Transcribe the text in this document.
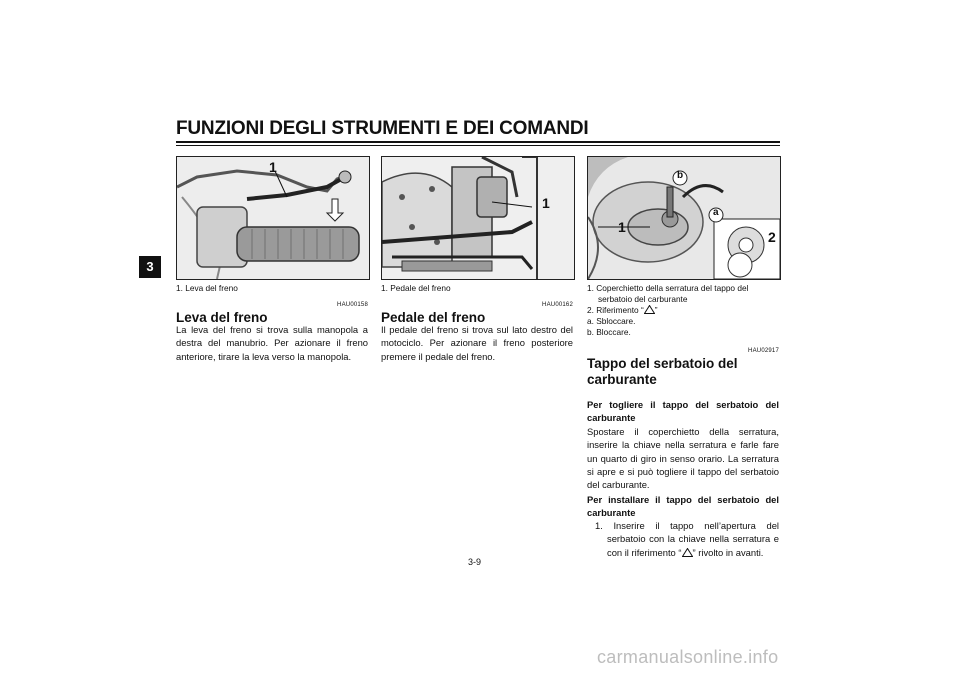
FUNZIONI DEGLI STRUMENTI E DEI COMANDI
3
1
1. Leva del freno
HAU00158
Leva del freno
La leva del freno si trova sulla manopola a destra del manubrio. Per azionare il freno anteriore, tirare la leva verso la manopola.
1
1. Pedale del freno
HAU00162
Pedale del freno
Il pedale del freno si trova sul lato destro del motociclo. Per azionare il freno posteriore premere il pedale del freno.
1
2
b
a
1. Coperchietto della serratura del tappo del serbatoio del carburante
2. Riferimento “ ”
a. Sbloccare.
b. Bloccare.
HAU02917
Tappo del serbatoio del carburante
Per togliere il tappo del serbatoio del carburante
Spostare il coperchietto della serratura, inserire la chiave nella serratura e farle fare un quarto di giro in senso orario. La serratura si apre e si può togliere il tappo del serbatoio del carburante.
Per installare il tappo del serbatoio del carburante
1. Inserire il tappo nell’apertura del serbatoio con la chiave nella serratura e con il riferimento “ ” rivolto in avanti.
3-9
carmanualsonline.info
